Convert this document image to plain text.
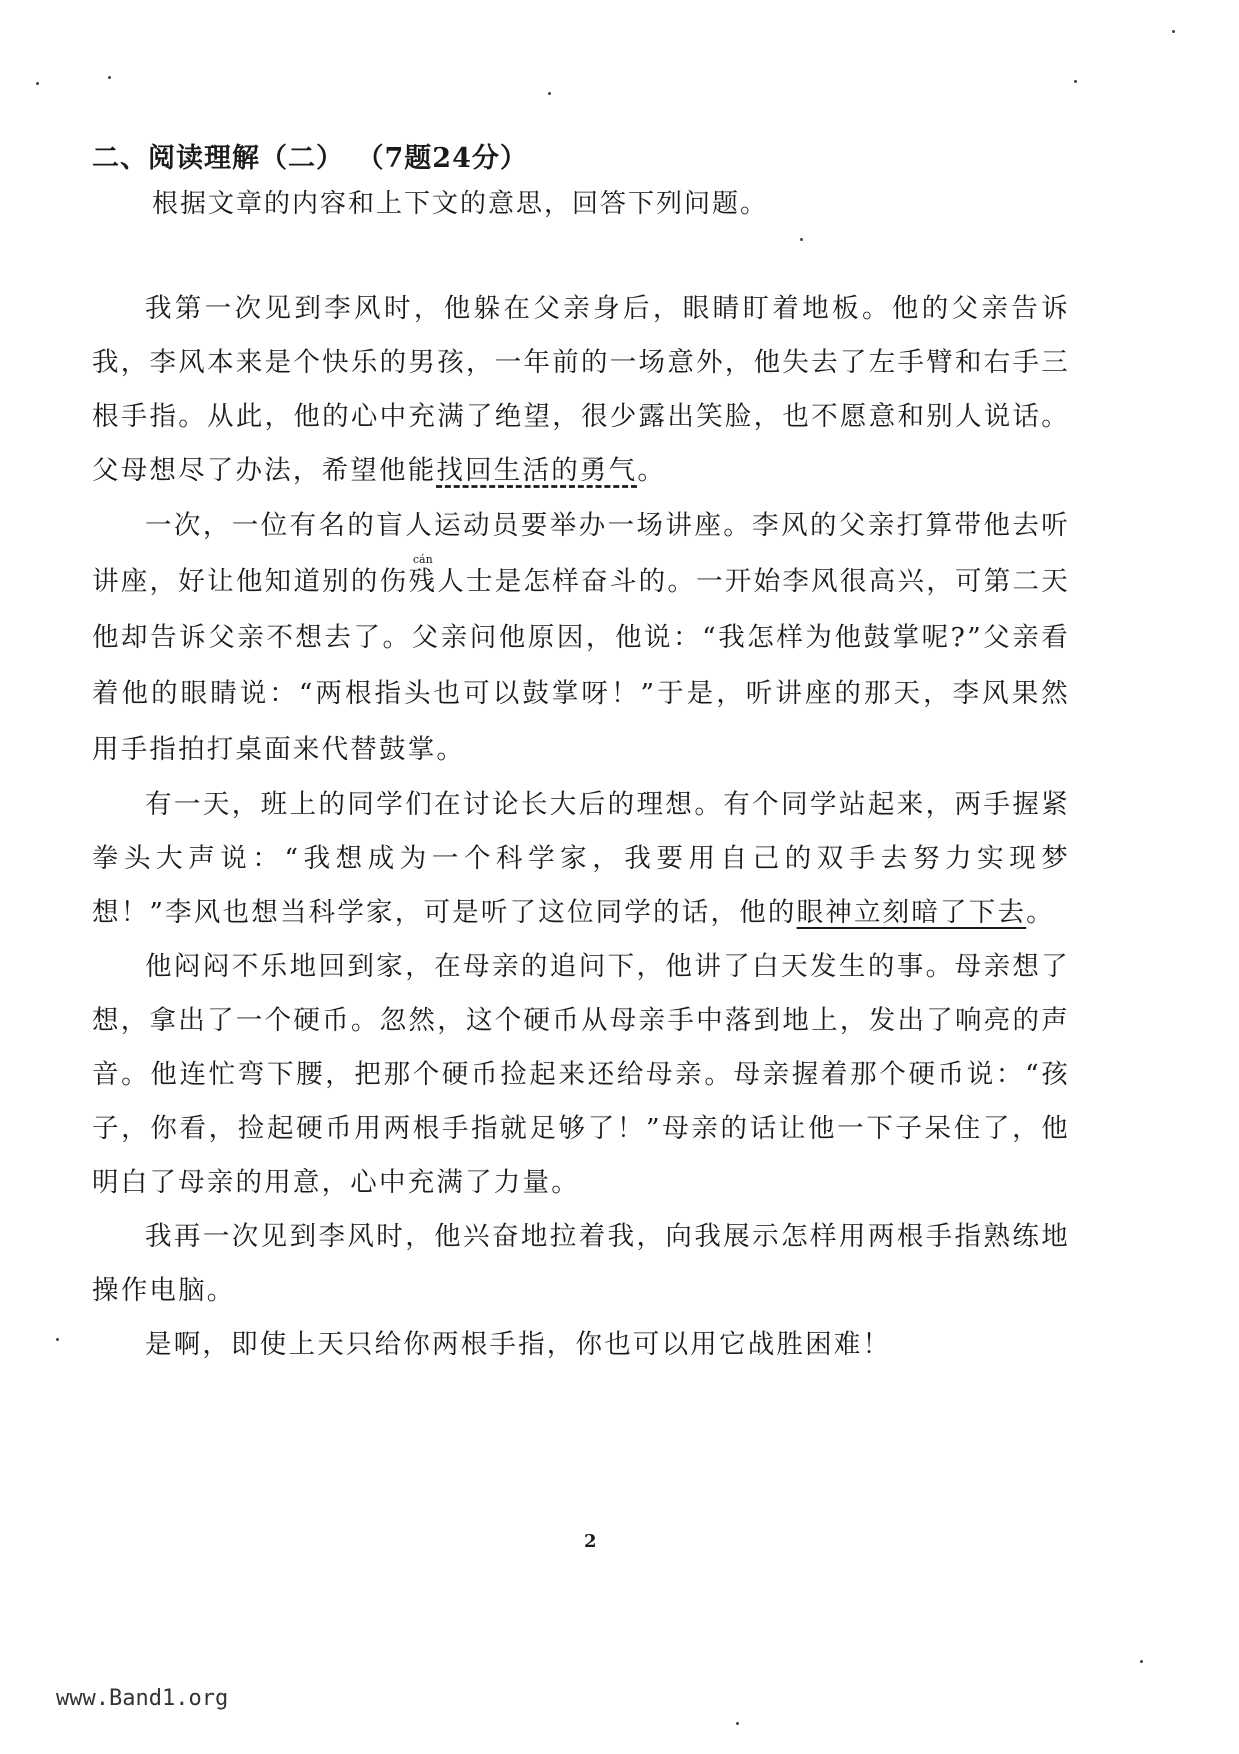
二、阅读理解（二） （7题24分）
根据文章的内容和上下文的意思，回答下列问题。

我第一次见到李风时，他躲在父亲身后，眼睛盯着地板。他的父亲告诉我，李风本来是个快乐的男孩，一年前的一场意外，他失去了左手臂和右手三根手指。从此，他的心中充满了绝望，很少露出笑脸，也不愿意和别人说话。父母想尽了办法，希望他能找回生活的勇气。

一次，一位有名的盲人运动员要举办一场讲座。李风的父亲打算带他去听讲座，好让他知道别的伤残cán人士是怎样奋斗的。一开始李风很高兴，可第二天他却告诉父亲不想去了。父亲问他原因，他说：“我怎样为他鼓掌呢?”父亲看着他的眼睛说：“两根指头也可以鼓掌呀！”于是，听讲座的那天，李风果然用手指拍打桌面来代替鼓掌。

有一天，班上的同学们在讨论长大后的理想。有个同学站起来，两手握紧拳头大声说：“我想成为一个科学家，我要用自己的双手去努力实现梦想！”李风也想当科学家，可是听了这位同学的话，他的眼神立刻暗了下去。

他闷闷不乐地回到家，在母亲的追问下，他讲了白天发生的事。母亲想了想，拿出了一个硬币。忽然，这个硬币从母亲手中落到地上，发出了响亮的声音。他连忙弯下腰，把那个硬币捡起来还给母亲。母亲握着那个硬币说：“孩子，你看，捡起硬币用两根手指就足够了！”母亲的话让他一下子呆住了，他明白了母亲的用意，心中充满了力量。

我再一次见到李风时，他兴奋地拉着我，向我展示怎样用两根手指熟练地操作电脑。

是啊，即使上天只给你两根手指，你也可以用它战胜困难！

2
www.Band1.org
